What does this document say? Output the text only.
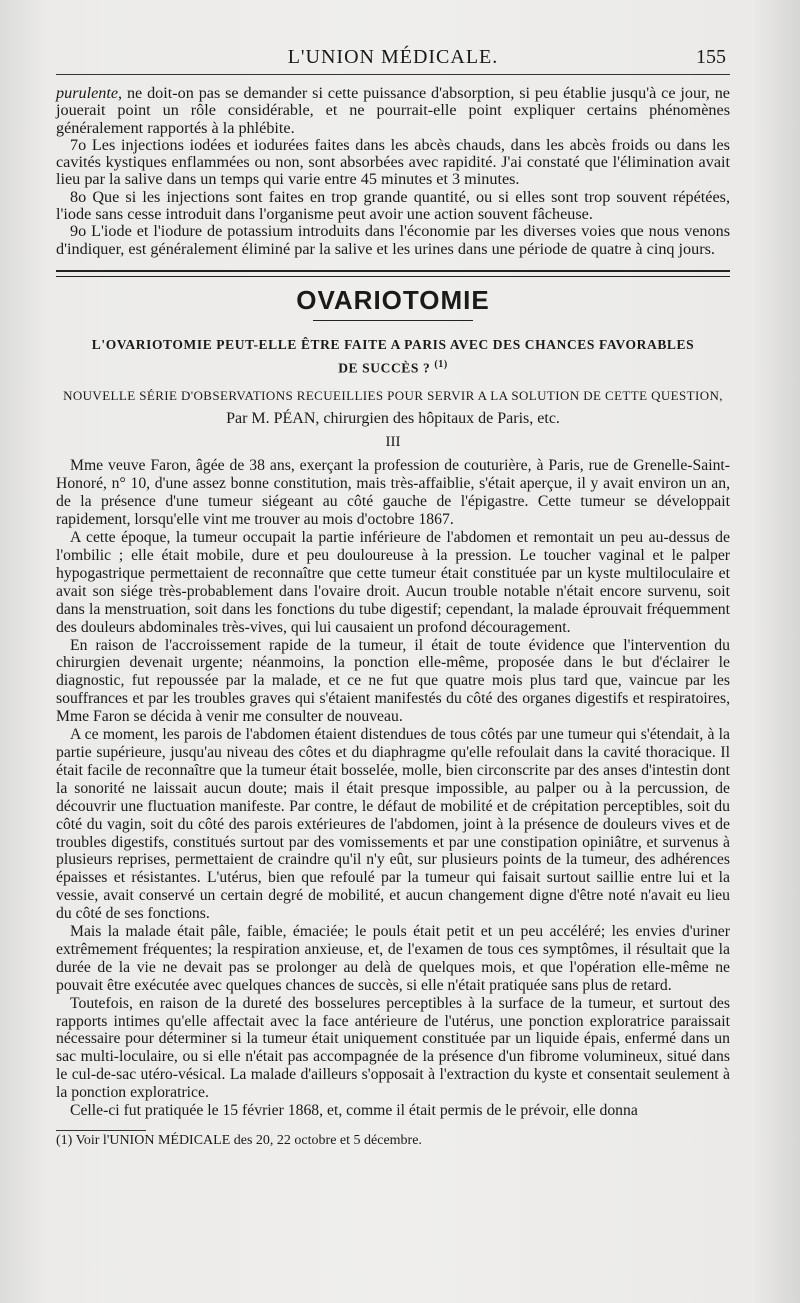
L'UNION MÉDICALE.	155

purulente, ne doit-on pas se demander si cette puissance d'absorption, si peu établie jusqu'à ce jour, ne jouerait point un rôle considérable, et ne pourrait-elle point expliquer certains phénomènes généralement rapportés à la phlébite.

7o Les injections iodées et iodurées faites dans les abcès chauds, dans les abcès froids ou dans les cavités kystiques enflammées ou non, sont absorbées avec rapidité. J'ai constaté que l'élimination avait lieu par la salive dans un temps qui varie entre 45 minutes et 3 minutes.

8o Que si les injections sont faites en trop grande quantité, ou si elles sont trop souvent répétées, l'iode sans cesse introduit dans l'organisme peut avoir une action souvent fâcheuse.

9o L'iode et l'iodure de potassium introduits dans l'économie par les diverses voies que nous venons d'indiquer, est généralement éliminé par la salive et les urines dans une période de quatre à cinq jours.

OVARIOTOMIE
L'OVARIOTOMIE PEUT-ELLE ÊTRE FAITE A PARIS AVEC DES CHANCES FAVORABLES
DE SUCCÈS ? $^{(1)}$
NOUVELLE SÉRIE D'OBSERVATIONS RECUEILLIES POUR SERVIR A LA SOLUTION DE CETTE QUESTION,
Par M. PÉAN, chirurgien des hôpitaux de Paris, etc.
III

Mme veuve Faron, âgée de 38 ans, exerçant la profession de couturière, à Paris, rue de Grenelle-Saint-Honoré, n° 10, d'une assez bonne constitution, mais très-affaiblie, s'était aperçue, il y avait environ un an, de la présence d'une tumeur siégeant au côté gauche de l'épigastre. Cette tumeur se développait rapidement, lorsqu'elle vint me trouver au mois d'octobre 1867.

A cette époque, la tumeur occupait la partie inférieure de l'abdomen et remontait un peu au-dessus de l'ombilic ; elle était mobile, dure et peu douloureuse à la pression. Le toucher vaginal et le palper hypogastrique permettaient de reconnaître que cette tumeur était constituée par un kyste multiloculaire et avait son siége très-probablement dans l'ovaire droit. Aucun trouble notable n'était encore survenu, soit dans la menstruation, soit dans les fonctions du tube digestif; cependant, la malade éprouvait fréquemment des douleurs abdominales très-vives, qui lui causaient un profond découragement.

En raison de l'accroissement rapide de la tumeur, il était de toute évidence que l'intervention du chirurgien devenait urgente; néanmoins, la ponction elle-même, proposée dans le but d'éclairer le diagnostic, fut repoussée par la malade, et ce ne fut que quatre mois plus tard que, vaincue par les souffrances et par les troubles graves qui s'étaient manifestés du côté des organes digestifs et respiratoires, Mme Faron se décida à venir me consulter de nouveau.

A ce moment, les parois de l'abdomen étaient distendues de tous côtés par une tumeur qui s'étendait, à la partie supérieure, jusqu'au niveau des côtes et du diaphragme qu'elle refoulait dans la cavité thoracique. Il était facile de reconnaître que la tumeur était bosselée, molle, bien circonscrite par des anses d'intestin dont la sonorité ne laissait aucun doute; mais il était presque impossible, au palper ou à la percussion, de découvrir une fluctuation manifeste. Par contre, le défaut de mobilité et de crépitation perceptibles, soit du côté du vagin, soit du côté des parois extérieures de l'abdomen, joint à la présence de douleurs vives et de troubles digestifs, constitués surtout par des vomissements et par une constipation opiniâtre, et survenus à plusieurs reprises, permettaient de craindre qu'il n'y eût, sur plusieurs points de la tumeur, des adhérences épaisses et résistantes. L'utérus, bien que refoulé par la tumeur qui faisait surtout saillie entre lui et la vessie, avait conservé un certain degré de mobilité, et aucun changement digne d'être noté n'avait eu lieu du côté de ses fonctions.

Mais la malade était pâle, faible, émaciée; le pouls était petit et un peu accéléré; les envies d'uriner extrêmement fréquentes; la respiration anxieuse, et, de l'examen de tous ces symptômes, il résultait que la durée de la vie ne devait pas se prolonger au delà de quelques mois, et que l'opération elle-même ne pouvait être exécutée avec quelques chances de succès, si elle n'était pratiquée sans plus de retard.

Toutefois, en raison de la dureté des bosselures perceptibles à la surface de la tumeur, et surtout des rapports intimes qu'elle affectait avec la face antérieure de l'utérus, une ponction exploratrice paraissait nécessaire pour déterminer si la tumeur était uniquement constituée par un liquide épais, enfermé dans un sac multi-loculaire, ou si elle n'était pas accompagnée de la présence d'un fibrome volumineux, situé dans le cul-de-sac utéro-vésical. La malade d'ailleurs s'opposait à l'extraction du kyste et consentait seulement à la ponction exploratrice.

Celle-ci fut pratiquée le 15 février 1868, et, comme il était permis de le prévoir, elle donna

(1) Voir l'UNION MÉDICALE des 20, 22 octobre et 5 décembre.
